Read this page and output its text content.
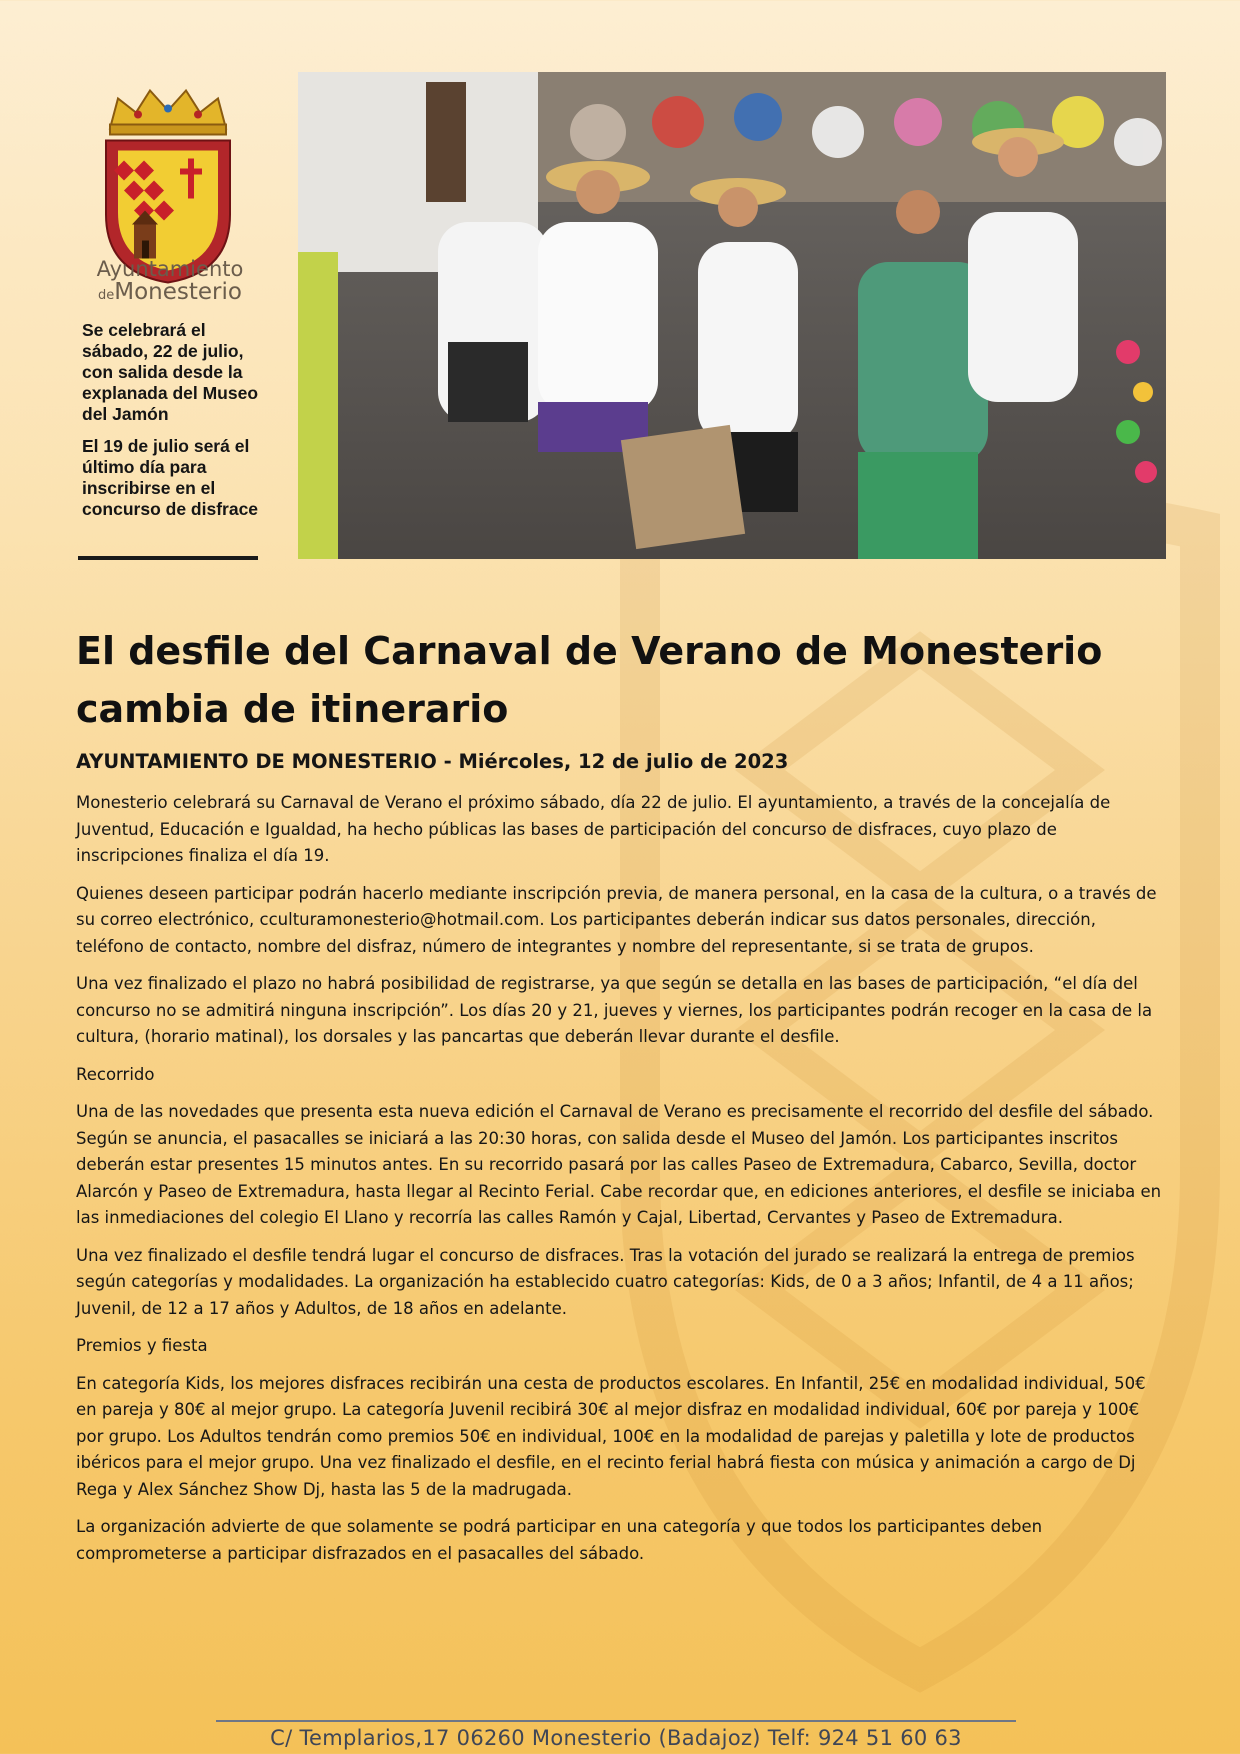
Ayuntamiento
deMonesterio

Se celebrará el sábado, 22 de julio, con salida desde la explanada del Museo del Jamón

El 19 de julio será el último día para inscribirse en el concurso de disfrace

El desfile del Carnaval de Verano de Monesterio cambia de itinerario
AYUNTAMIENTO DE MONESTERIO - Miércoles, 12 de julio de 2023

Monesterio celebrará su Carnaval de Verano el próximo sábado, día 22 de julio. El ayuntamiento, a través de la concejalía de Juventud, Educación e Igualdad, ha hecho públicas las bases de participación del concurso de disfraces, cuyo plazo de inscripciones finaliza el día 19.

Quienes deseen participar podrán hacerlo mediante inscripción previa, de manera personal, en la casa de la cultura, o a través de su correo electrónico, cculturamonesterio@hotmail.com. Los participantes deberán indicar sus datos personales, dirección, teléfono de contacto, nombre del disfraz, número de integrantes y nombre del representante, si se trata de grupos.

Una vez finalizado el plazo no habrá posibilidad de registrarse, ya que según se detalla en las bases de participación, “el día del concurso no se admitirá ninguna inscripción”. Los días 20 y 21, jueves y viernes, los participantes podrán recoger en la casa de la cultura, (horario matinal), los dorsales y las pancartas que deberán llevar durante el desfile.

Recorrido

Una de las novedades que presenta esta nueva edición el Carnaval de Verano es precisamente el recorrido del desfile del sábado. Según se anuncia, el pasacalles se iniciará a las 20:30 horas, con salida desde el Museo del Jamón. Los participantes inscritos deberán estar presentes 15 minutos antes. En su recorrido pasará por las calles Paseo de Extremadura, Cabarco, Sevilla, doctor Alarcón y Paseo de Extremadura, hasta llegar al Recinto Ferial. Cabe recordar que, en ediciones anteriores, el desfile se iniciaba en las inmediaciones del colegio El Llano y recorría las calles Ramón y Cajal, Libertad, Cervantes y Paseo de Extremadura.

Una vez finalizado el desfile tendrá lugar el concurso de disfraces. Tras la votación del jurado se realizará la entrega de premios según categorías y modalidades. La organización ha establecido cuatro categorías: Kids, de 0 a 3 años; Infantil, de 4 a 11 años; Juvenil, de 12 a 17 años y Adultos, de 18 años en adelante.

Premios y fiesta

En categoría Kids, los mejores disfraces recibirán una cesta de productos escolares. En Infantil, 25€ en modalidad individual, 50€ en pareja y 80€ al mejor grupo. La categoría Juvenil recibirá 30€ al mejor disfraz en modalidad individual, 60€ por pareja y 100€ por grupo. Los Adultos tendrán como premios 50€ en individual, 100€ en la modalidad de parejas y paletilla y lote de productos ibéricos para el mejor grupo. Una vez finalizado el desfile, en el recinto ferial habrá fiesta con música y animación a cargo de Dj Rega y Alex Sánchez Show Dj, hasta las 5 de la madrugada.

La organización advierte de que solamente se podrá participar en una categoría y que todos los participantes deben comprometerse a participar disfrazados en el pasacalles del sábado.

C/ Templarios,17 06260 Monesterio (Badajoz) Telf: 924 51 60 63
